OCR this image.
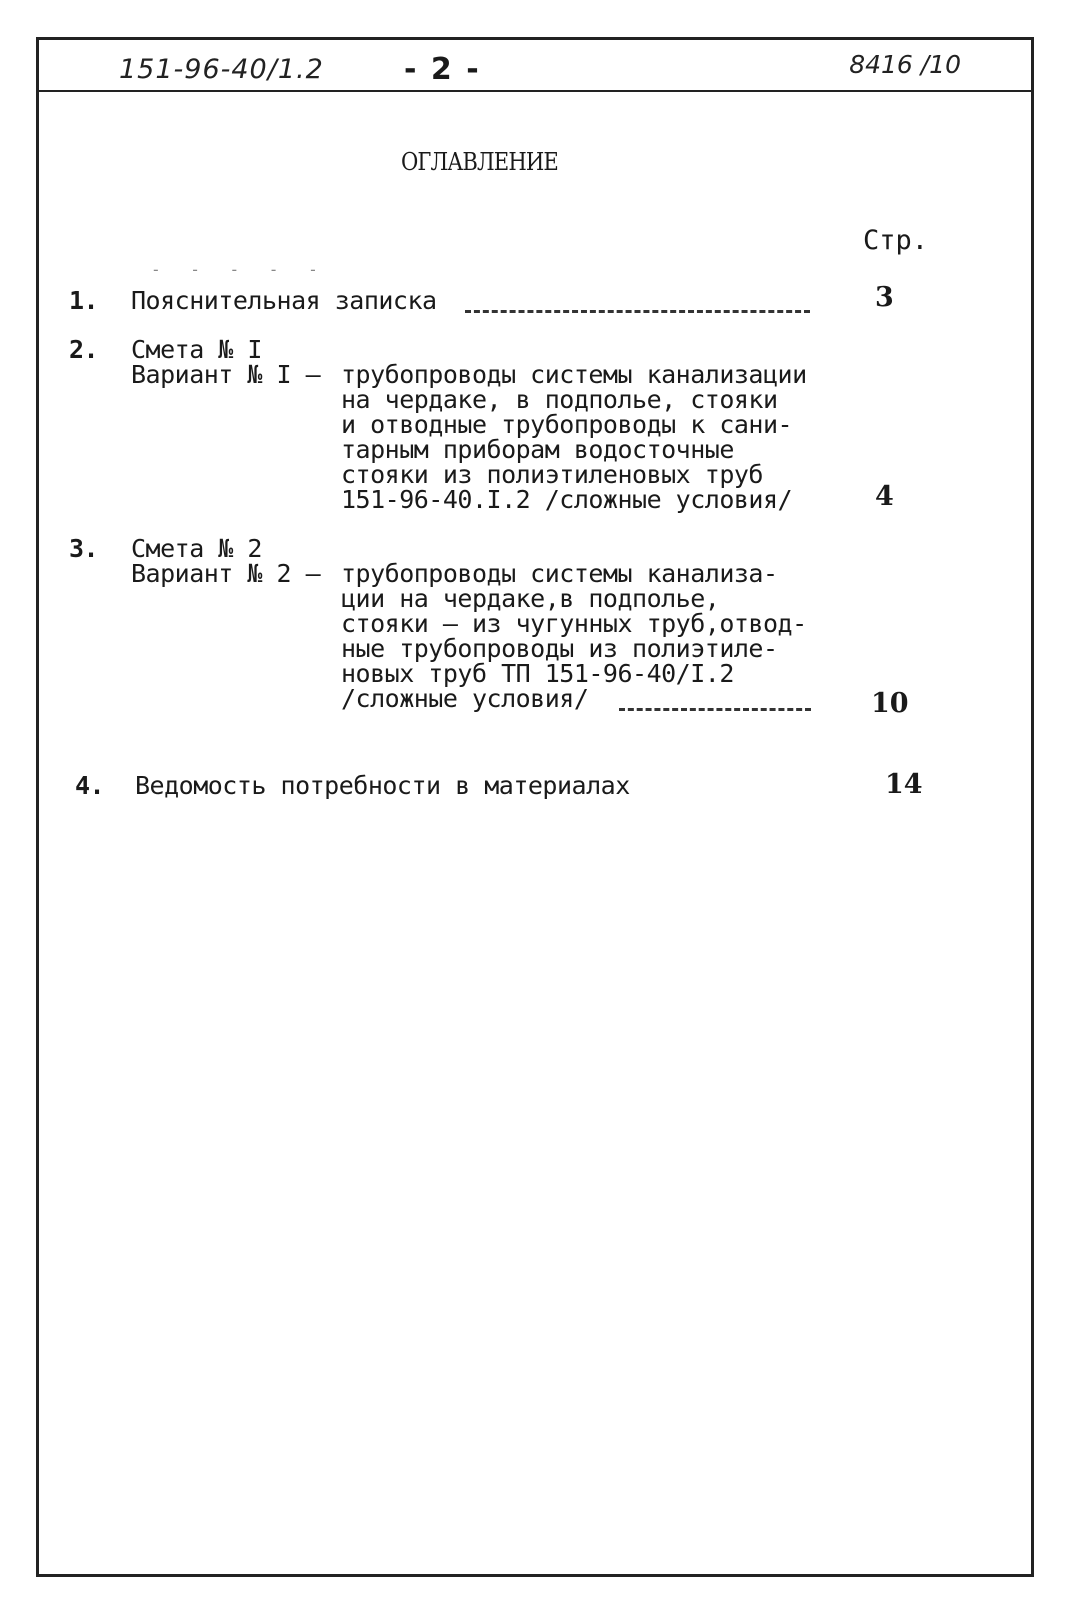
151-96-40/1.2	- 2 -	8416 /10
ОГЛАВЛЕНИЕ
Стр.
- - - - -
1. Пояснительная записка	3
2. Смета № I
Вариант № I – трубопроводы системы канализации
на чердаке, в подполье, стояки
и отводные трубопроводы к сани-
тарным приборам водосточные
стояки из полиэтиленовых труб
151-96-40.I.2 /сложные условия/	4
3. Смета № 2
Вариант № 2 – трубопроводы системы канализа-
ции на чердаке,в подполье,
стояки – из чугунных труб,отвод-
ные трубопроводы из полиэтиле-
новых труб ТП 151-96-40/I.2
/сложные условия/	10
4. Ведомость потребности в материалах	14
